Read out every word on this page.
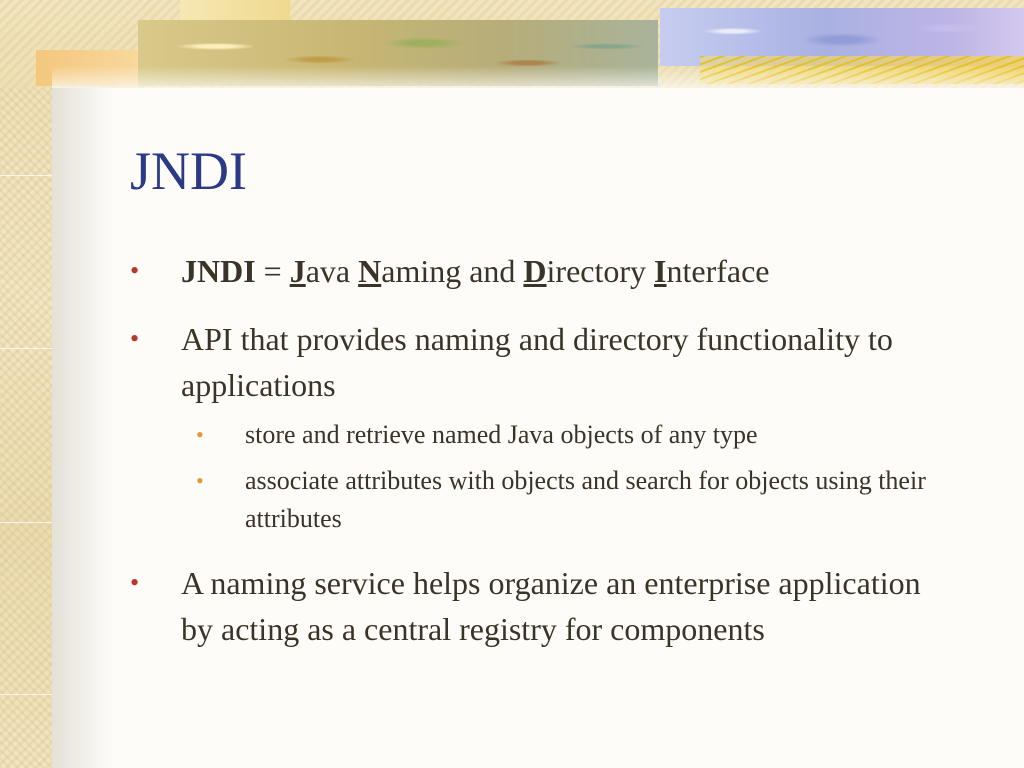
JNDI
• JNDI = Java Naming and Directory Interface
• API that provides naming and directory functionality to applications
• store and retrieve named Java objects of any type
• associate attributes with objects and search for objects using their attributes
• A naming service helps organize an enterprise application by acting as a central registry for components
